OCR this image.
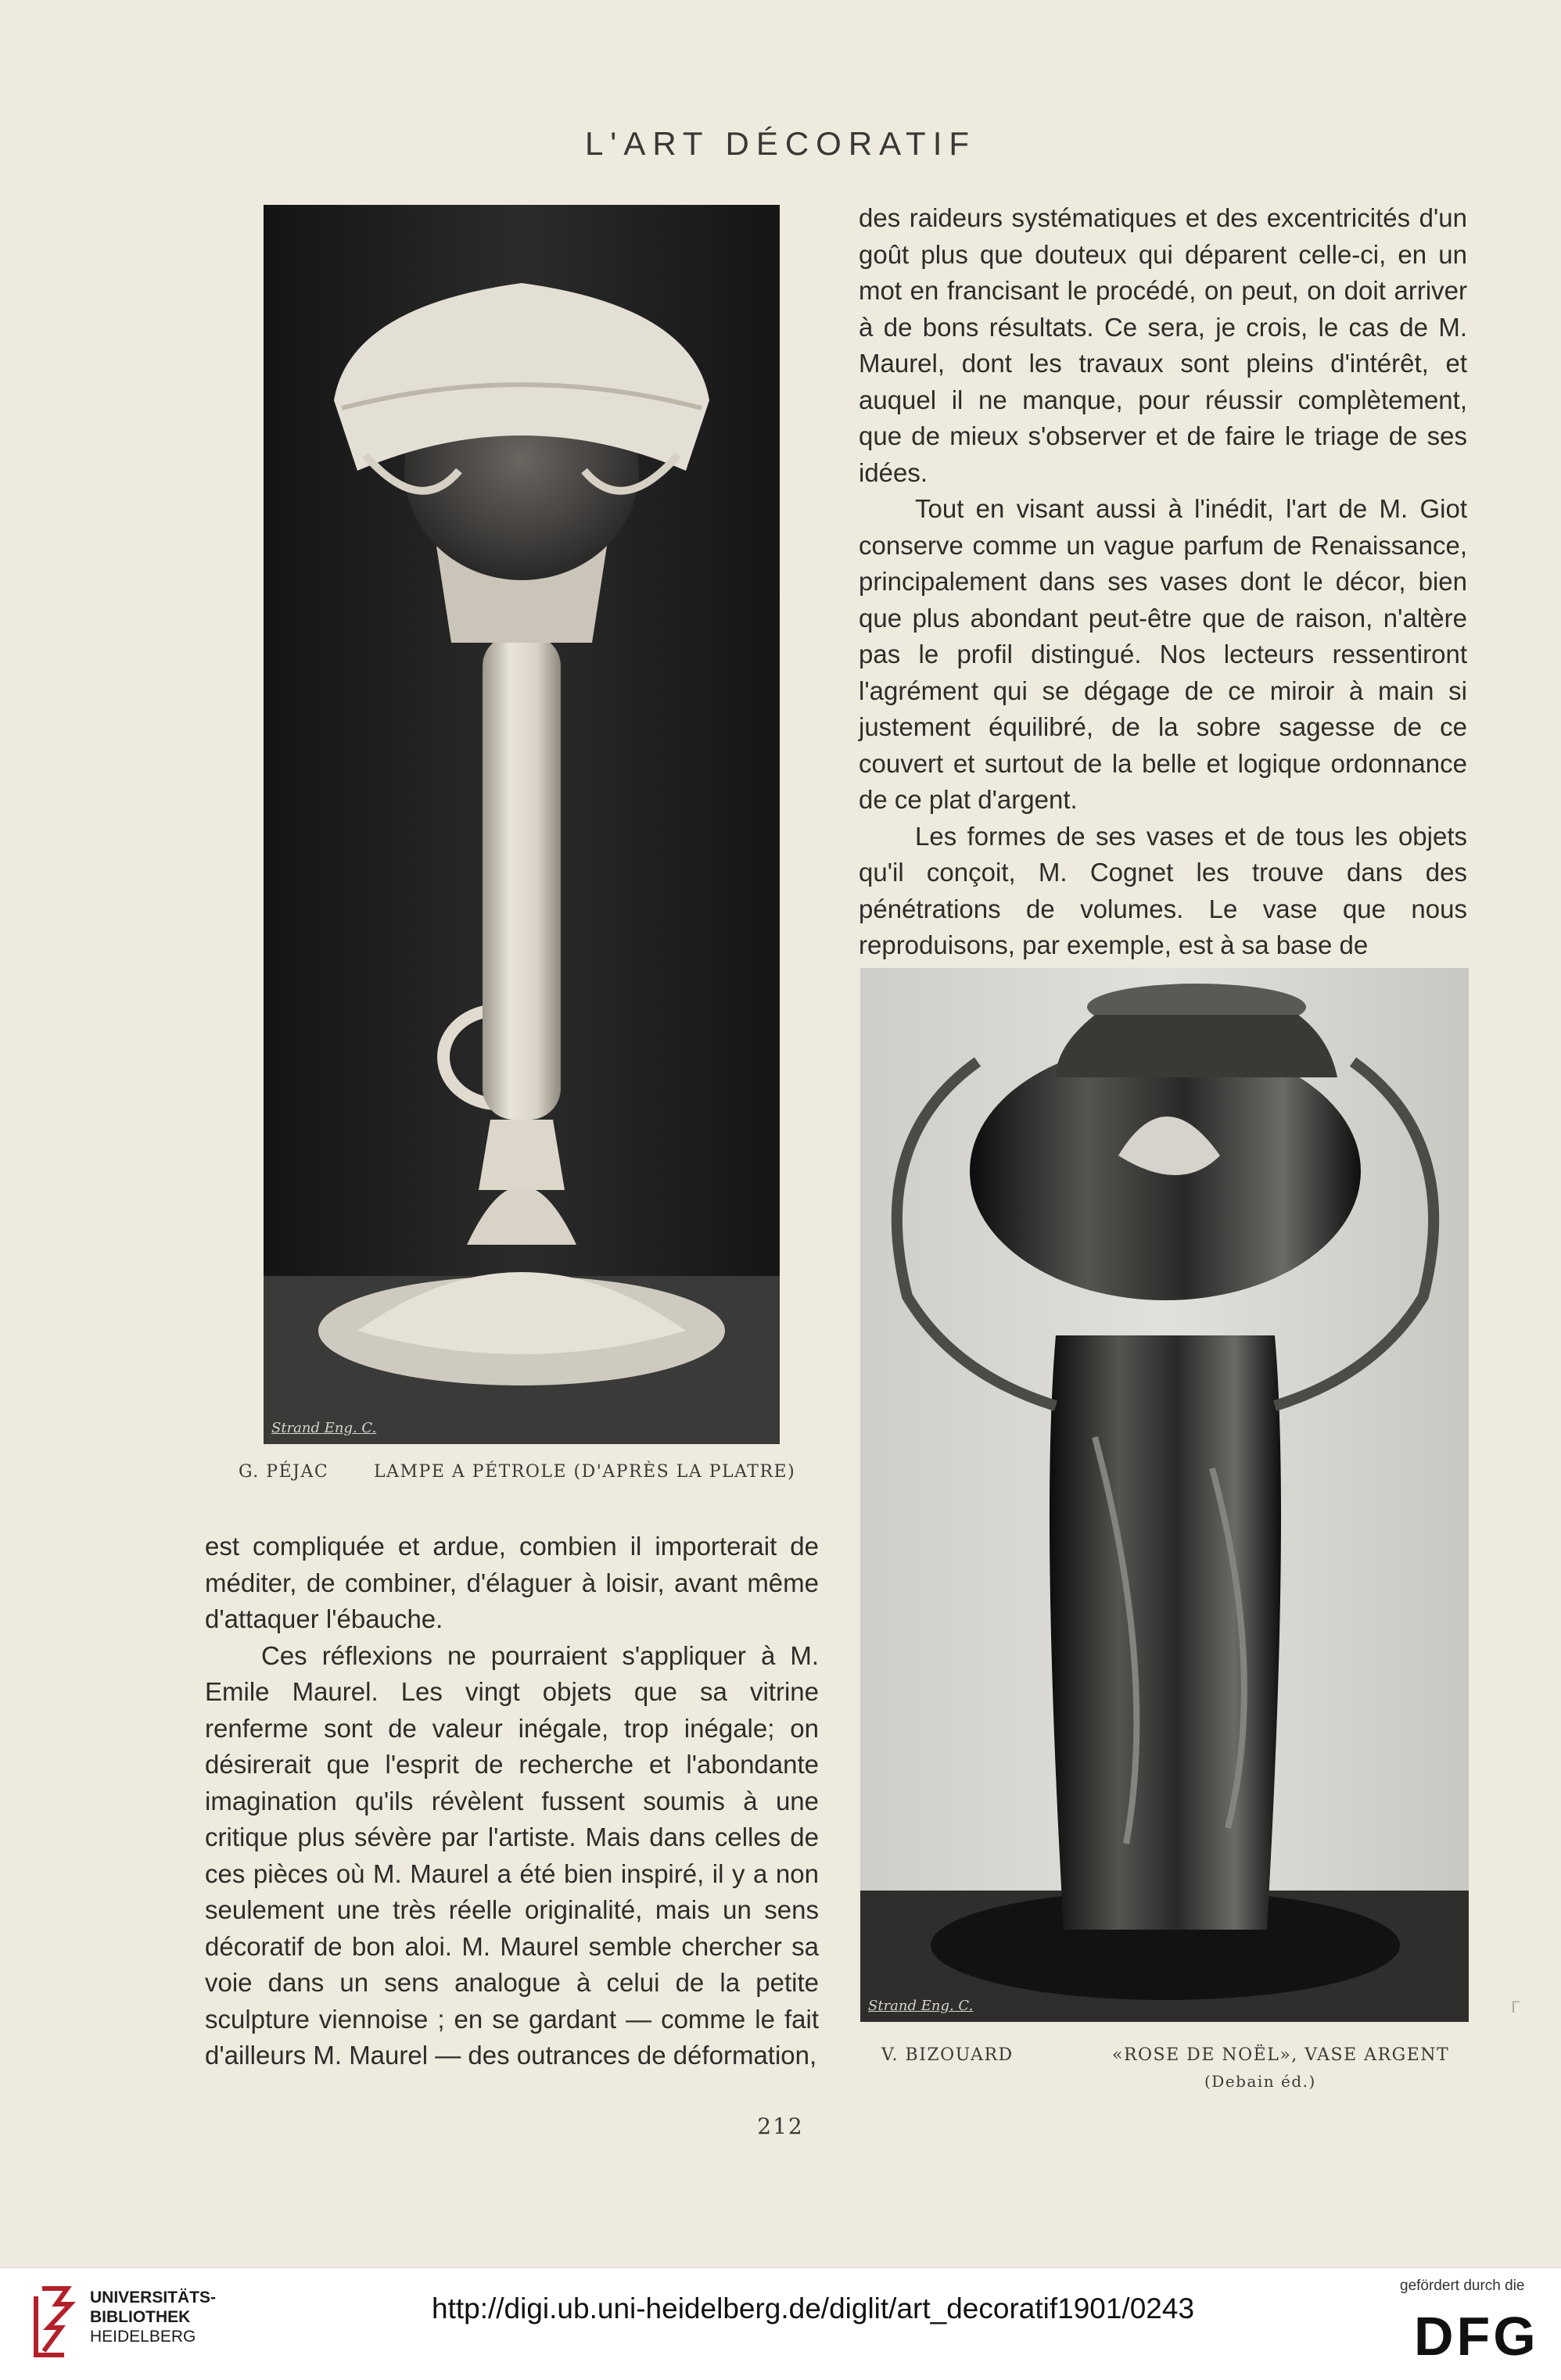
L'ART DÉCORATIF

des raideurs systématiques et des excentricités d'un goût plus que douteux qui déparent celle-ci, en un mot en francisant le procédé, on peut, on doit arriver à de bons résultats. Ce sera, je crois, le cas de M. Maurel, dont les travaux sont pleins d'intérêt, et auquel il ne manque, pour réussir complètement, que de mieux s'observer et de faire le triage de ses idées.

Tout en visant aussi à l'inédit, l'art de M. Giot conserve comme un vague parfum de Renaissance, principalement dans ses vases dont le décor, bien que plus abondant peut-être que de raison, n'altère pas le profil distingué. Nos lecteurs ressentiront l'agrément qui se dégage de ce miroir à main si justement équilibré, de la sobre sagesse de ce couvert et surtout de la belle et logique ordonnance de ce plat d'argent.

Les formes de ses vases et de tous les objets qu'il conçoit, M. Cognet les trouve dans des pénétrations de volumes. Le vase que nous reproduisons, par exemple, est à sa base de

Strand Eng. C.
G. PÉJAC	LAMPE A PÉTROLE (D'APRÈS LA PLATRE)

est compliquée et ardue, combien il importerait de méditer, de combiner, d'élaguer à loisir, avant même d'attaquer l'ébauche.

Ces réflexions ne pourraient s'appliquer à M. Emile Maurel. Les vingt objets que sa vitrine renferme sont de valeur inégale, trop inégale; on désirerait que l'esprit de recherche et l'abondante imagination qu'ils révèlent fussent soumis à une critique plus sévère par l'artiste. Mais dans celles de ces pièces où M. Maurel a été bien inspiré, il y a non seulement une très réelle originalité, mais un sens décoratif de bon aloi. M. Maurel semble chercher sa voie dans un sens analogue à celui de la petite sculpture viennoise ; en se gardant — comme le fait d'ailleurs M. Maurel — des outrances de déformation,

Strand Eng. C.
V. BIZOUARD	«ROSE DE NOËL», VASE ARGENT
(Debain éd.)
ᒥ
212
UNIVERSITÄTS-
BIBLIOTHEK
HEIDELBERG
http://digi.ub.uni-heidelberg.de/diglit/art_decoratif1901/0243
gefördert durch die
DFG
